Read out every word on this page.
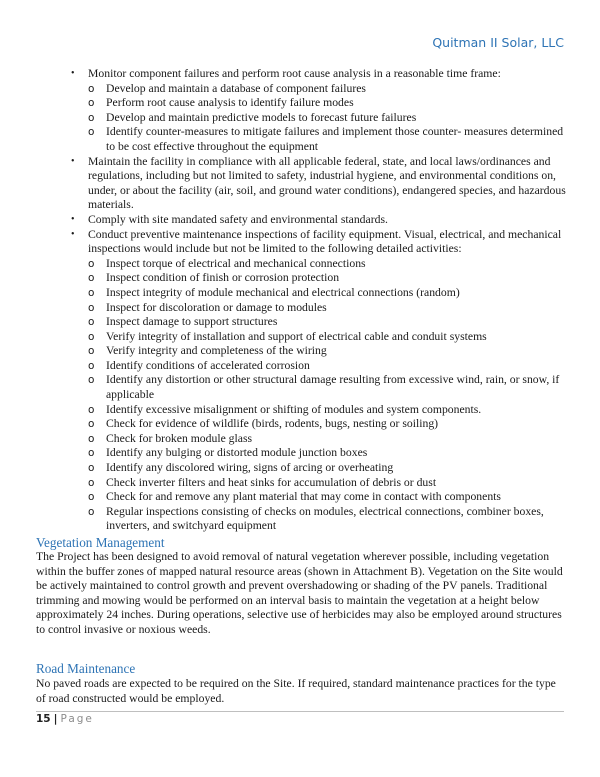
Quitman II Solar, LLC
• Monitor component failures and perform root cause analysis in a reasonable time frame:
o Develop and maintain a database of component failures
o Perform root cause analysis to identify failure modes
o Develop and maintain predictive models to forecast future failures
o Identify counter-measures to mitigate failures and implement those counter- measures determined to be cost effective throughout the equipment
• Maintain the facility in compliance with all applicable federal, state, and local laws/ordinances and regulations, including but not limited to safety, industrial hygiene, and environmental conditions on, under, or about the facility (air, soil, and ground water conditions), endangered species, and hazardous materials.
• Comply with site mandated safety and environmental standards.
• Conduct preventive maintenance inspections of facility equipment. Visual, electrical, and mechanical inspections would include but not be limited to the following detailed activities:
o Inspect torque of electrical and mechanical connections
o Inspect condition of finish or corrosion protection
o Inspect integrity of module mechanical and electrical connections (random)
o Inspect for discoloration or damage to modules
o Inspect damage to support structures
o Verify integrity of installation and support of electrical cable and conduit systems
o Verify integrity and completeness of the wiring
o Identify conditions of accelerated corrosion
o Identify any distortion or other structural damage resulting from excessive wind, rain, or snow, if applicable
o Identify excessive misalignment or shifting of modules and system components.
o Check for evidence of wildlife (birds, rodents, bugs, nesting or soiling)
o Check for broken module glass
o Identify any bulging or distorted module junction boxes
o Identify any discolored wiring, signs of arcing or overheating
o Check inverter filters and heat sinks for accumulation of debris or dust
o Check for and remove any plant material that may come in contact with components
o Regular inspections consisting of checks on modules, electrical connections, combiner boxes, inverters, and switchyard equipment
Vegetation Management

The Project has been designed to avoid removal of natural vegetation wherever possible, including vegetation within the buffer zones of mapped natural resource areas (shown in Attachment B). Vegetation on the Site would be actively maintained to control growth and prevent overshadowing or shading of the PV panels. Traditional trimming and mowing would be performed on an interval basis to maintain the vegetation at a height below approximately 24 inches. During operations, selective use of herbicides may also be employed around structures to control invasive or noxious weeds.

Road Maintenance

No paved roads are expected to be required on the Site. If required, standard maintenance practices for the type of road constructed would be employed.

15 | Page
